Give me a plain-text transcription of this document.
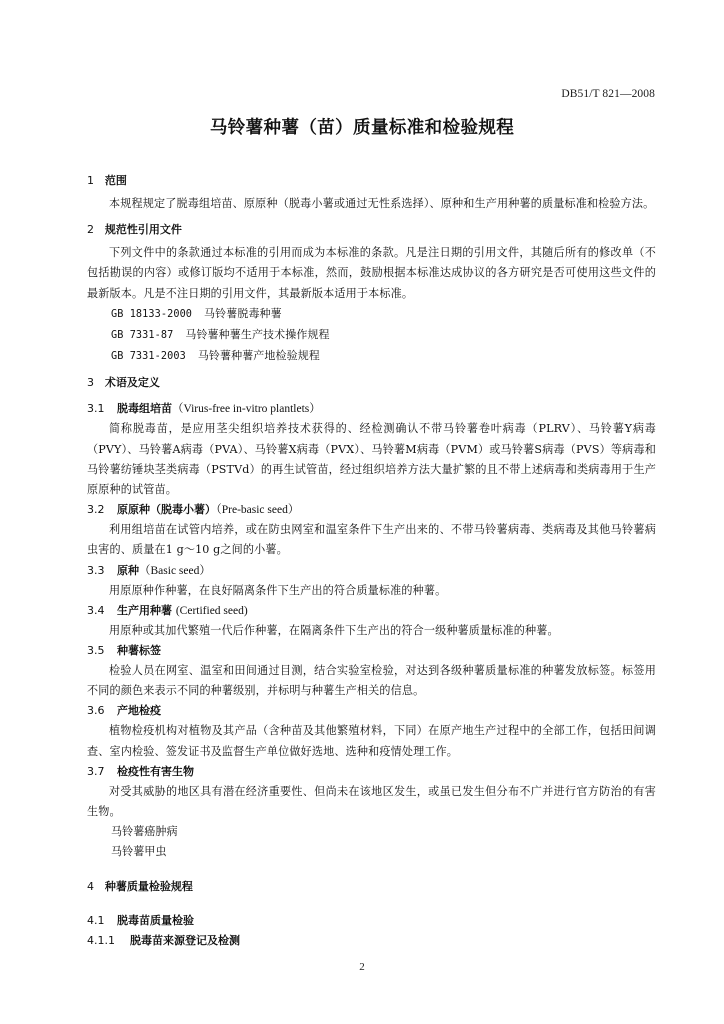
DB51/T 821—2008
马铃薯种薯（苗）质量标准和检验规程
1 范围
本规程规定了脱毒组培苗、原原种（脱毒小薯或通过无性系选择）、原种和生产用种薯的质量标准和检验方法。
2 规范性引用文件
下列文件中的条款通过本标准的引用而成为本标准的条款。凡是注日期的引用文件，其随后所有的修改单（不包括勘误的内容）或修订版均不适用于本标准，然而，鼓励根据本标准达成协议的各方研究是否可使用这些文件的最新版本。凡是不注日期的引用文件，其最新版本适用于本标准。
GB 18133-2000 马铃薯脱毒种薯
GB 7331-87 马铃薯种薯生产技术操作规程
GB 7331-2003 马铃薯种薯产地检验规程
3 术语及定义
3.1 脱毒组培苗（Virus-free in-vitro plantlets）
简称脱毒苗，是应用茎尖组织培养技术获得的、经检测确认不带马铃薯卷叶病毒（PLRV）、马铃薯Y病毒（PVY）、马铃薯A病毒（PVA）、马铃薯X病毒（PVX）、马铃薯M病毒（PVM）或马铃薯S病毒（PVS）等病毒和马铃薯纺锤块茎类病毒（PSTVd）的再生试管苗，经过组织培养方法大量扩繁的且不带上述病毒和类病毒用于生产原原种的试管苗。
3.2 原原种（脱毒小薯）（Pre-basic seed）
利用组培苗在试管内培养，或在防虫网室和温室条件下生产出来的、不带马铃薯病毒、类病毒及其他马铃薯病虫害的、质量在1 g～10 g之间的小薯。
3.3 原种（Basic seed）
用原原种作种薯，在良好隔离条件下生产出的符合质量标准的种薯。
3.4 生产用种薯 (Certified seed)
用原种或其加代繁殖一代后作种薯，在隔离条件下生产出的符合一级种薯质量标准的种薯。
3.5 种薯标签
检验人员在网室、温室和田间通过目测，结合实验室检验，对达到各级种薯质量标准的种薯发放标签。标签用不同的颜色来表示不同的种薯级别，并标明与种薯生产相关的信息。
3.6 产地检疫
植物检疫机构对植物及其产品（含种苗及其他繁殖材料，下同）在原产地生产过程中的全部工作，包括田间调查、室内检验、签发证书及监督生产单位做好选地、选种和疫情处理工作。
3.7 检疫性有害生物
对受其威胁的地区具有潜在经济重要性、但尚未在该地区发生，或虽已发生但分布不广并进行官方防治的有害生物。
马铃薯癌肿病
马铃薯甲虫
4 种薯质量检验规程
4.1 脱毒苗质量检验
4.1.1 脱毒苗来源登记及检测
2
